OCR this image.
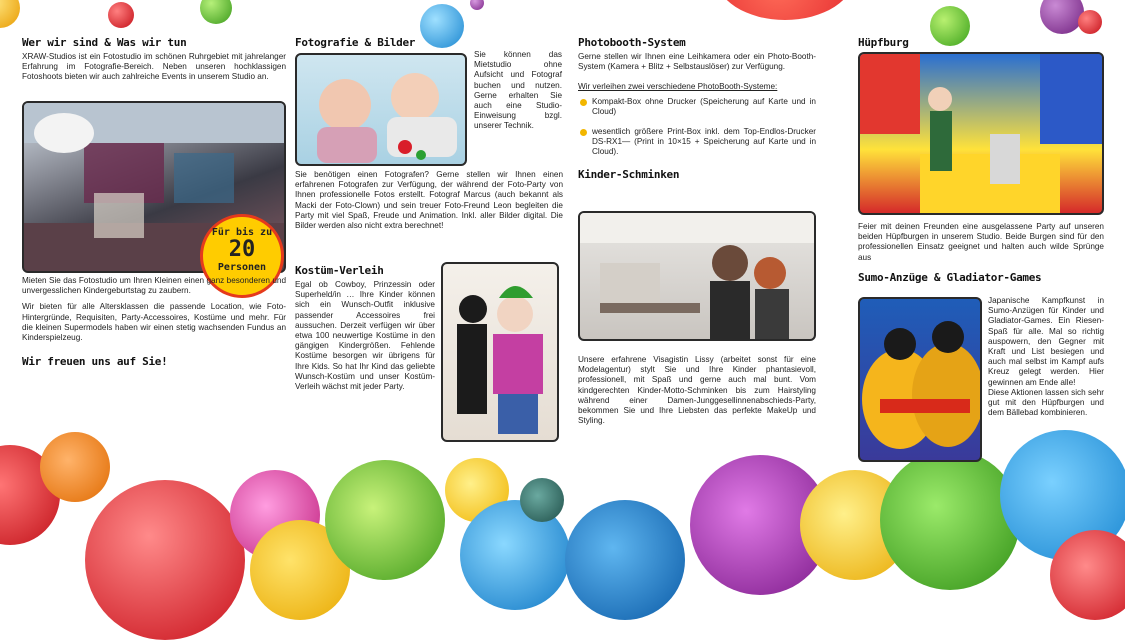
Wer wir sind & Was wir tun

XRAW-Studios ist ein Fotostudio im schönen Ruhrgebiet mit jahrelanger Erfahrung im Fotografie-Bereich. Neben unseren hochklassigen Fotoshoots bieten wir auch zahlreiche Events in unserem Studio an.

Für bis zu
20
Personen

Mieten Sie das Fotostudio um Ihren Kleinen einen ganz besonderen und unvergesslichen Kindergeburtstag zu zaubern.

Wir bieten für alle Altersklassen die passende Location, wie Foto-Hintergründe, Requisiten, Party-Accessoires, Kostüme und mehr. Für die kleinen Supermodels haben wir einen stetig wachsenden Fundus an Kinderspielzeug.

Wir freuen uns auf Sie!
Fotografie & Bilder

Sie können das Mietstudio ohne Aufsicht und Fotograf buchen und nutzen. Gerne erhalten Sie auch eine Studio-Einweisung bzgl. unserer Technik.

Sie benötigen einen Fotografen? Gerne stellen wir Ihnen einen erfahrenen Fotografen zur Verfügung, der während der Foto-Party von Ihnen professionelle Fotos erstellt. Fotograf Marcus (auch bekannt als Macki der Foto-Clown) und sein treuer Foto-Freund Leon begleiten die Party mit viel Spaß, Freude und Animation. Inkl. aller Bilder digital. Die Bilder werden also nicht extra berechnet!

Kostüm-Verleih

Egal ob Cowboy, Prinzessin oder Superheld/in … Ihre Kinder können sich ein Wunsch-Outfit inklusive passender Accessoires frei aussuchen. Derzeit verfügen wir über etwa 100 neuwertige Kostüme in den gängigen Kindergrößen. Fehlende Kostüme besorgen wir übrigens für Ihre Kids. So hat Ihr Kind das geliebte Wunsch-Kostüm und unser Kostüm-Verleih wächst mit jeder Party.

Photobooth-System

Gerne stellen wir Ihnen eine Leihkamera oder ein Photo-Booth-System (Kamera + Blitz + Selbstauslöser) zur Verfügung.

Wir verleihen zwei verschiedene PhotoBooth-Systeme:
Kompakt-Box ohne Drucker (Speicherung auf Karte und in Cloud)
wesentlich größere Print-Box inkl. dem Top-Endlos-Drucker DS-RX1— (Print in 10×15 + Speicherung auf Karte und in Cloud).
Kinder-Schminken

Unsere erfahrene Visagistin Lissy (arbeitet sonst für eine Modelagentur) stylt Sie und Ihre Kinder phantasievoll, professionell, mit Spaß und gerne auch mal bunt. Vom kindgerechten Kinder-Motto-Schminken bis zum Hairstyling während einer Damen-Junggesellinnenabschieds-Party, bekommen Sie und Ihre Liebsten das perfekte MakeUp und Styling.

Hüpfburg

Feier mit deinen Freunden eine ausgelassene Party auf unseren beiden Hüpfburgen in unserem Studio. Beide Burgen sind für den professionellen Einsatz geeignet und halten auch wilde Sprünge aus

Sumo-Anzüge & Gladiator-Games

Japanische Kampfkunst in Sumo-Anzügen für Kinder und Gladiator-Games. Ein Riesen-Spaß für alle. Mal so richtig auspowern, den Gegner mit Kraft und List besiegen und auch mal selbst im Kampf aufs Kreuz gelegt werden. Hier gewinnen am Ende alle!

Diese Aktionen lassen sich sehr gut mit den Hüpfburgen und dem Bällebad kombinieren.
